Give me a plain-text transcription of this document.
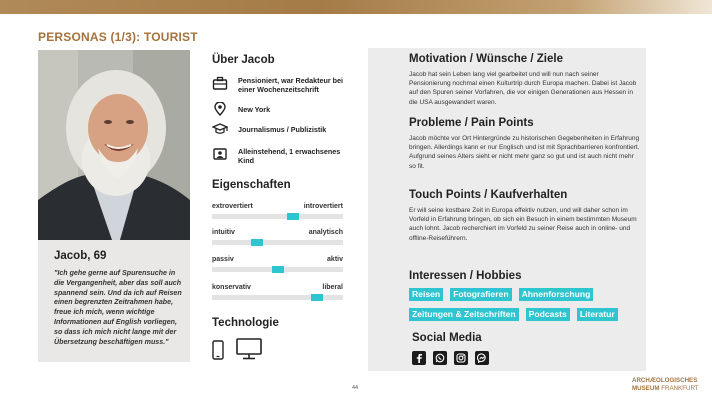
PERSONAS (1/3): TOURIST
Jacob, 69
"Ich gehe gerne auf Spurensuche in die Vergangenheit, aber das soll auch spannend sein. Und da ich auf Reisen einen begrenzten Zeitrahmen habe, freue ich mich, wenn wichtige Informationen auf English vorliegen, so dass ich mich nicht lange mit der Übersetzung beschäftigen muss."
Über Jacob
Pensioniert, war Redakteur bei einer Wochenzeitschrift
New York
Journalismus / Publizistik
Alleinstehend, 1 erwachsenes Kind
Eigenschaften
extrovertiert	introvertiert
intuitiv	analytisch
passiv	aktiv
konservativ	liberal
Technologie
Motivation / Wünsche / Ziele
Jacob hat sein Leben lang viel gearbeitet und will nun nach seiner Pensionierung nochmal einen Kulturtrip durch Europa machen. Dabei ist Jacob auf den Spuren seiner Vorfahren, die vor einigen Generationen aus Hessen in die USA ausgewandert waren.
Probleme / Pain Points
Jacob möchte vor Ort Hintergründe zu historischen Gegebenheiten in Erfahrung bringen. Allerdings kann er nur Englisch und ist mit Sprachbarrieren konfrontiert. Aufgrund seines Alters sieht er nicht mehr ganz so gut und ist auch nicht mehr so fit.
Touch Points / Kaufverhalten
Er will seine kostbare Zeit in Europa effektiv nutzen, und will daher schon im Vorfeld in Erfahrung bringen, ob sich ein Besuch in einem bestimmten Museum auch lohnt. Jacob recherchiert im Vorfeld zu seiner Reise auch in online- und offline-Reiseführern.
Interessen / Hobbies
Reisen	Fotografieren	Ahnenforschung
Zeitungen & Zeitschriften	Podcasts	Literatur
Social Media
44
ARCHÆOLOGISCHES
MUSEUM FRANKFURT
